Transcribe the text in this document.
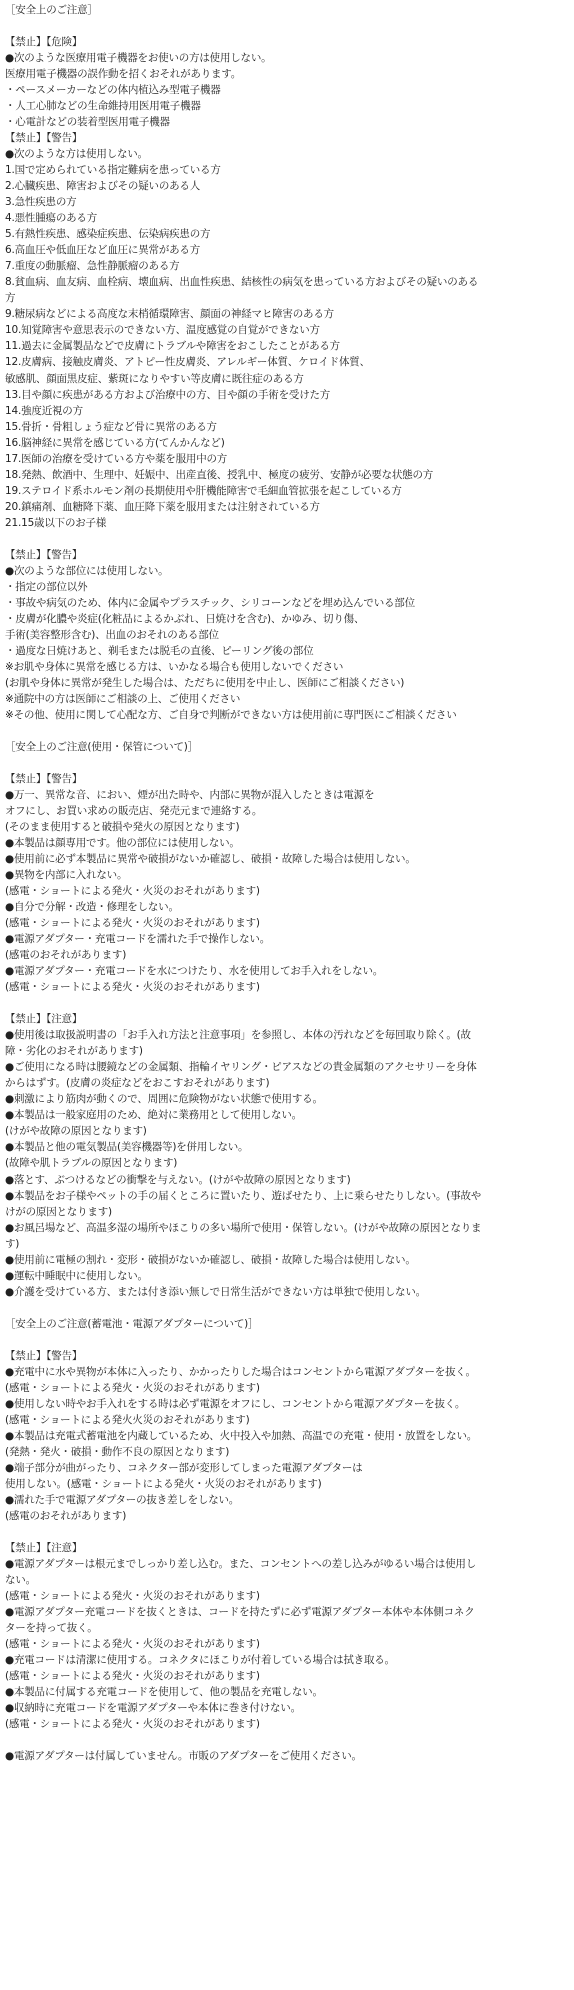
［安全上のご注意］
【禁止】【危険】
●次のような医療用電子機器をお使いの方は使用しない。
医療用電子機器の誤作動を招くおそれがあります。
・ペースメーカーなどの体内植込み型電子機器
・人工心肺などの生命維持用医用電子機器
・心電計などの装着型医用電子機器
【禁止】【警告】
●次のような方は使用しない。
1.国で定められている指定難病を患っている方
2.心臓疾患、障害およびその疑いのある人
3.急性疾患の方
4.悪性腫瘍のある方
5.有熱性疾患、感染症疾患、伝染病疾患の方
6.高血圧や低血圧など血圧に異常がある方
7.重度の動脈瘤、急性静脈瘤のある方
8.貧血病、血友病、血栓病、壊血病、出血性疾患、結核性の病気を患っている方およびその疑いのある
方
9.糖尿病などによる高度な末梢循環障害、顔面の神経マヒ障害のある方
10.知覚障害や意思表示のできない方、温度感覚の自覚ができない方
11.過去に金属製品などで皮膚にトラブルや障害をおこしたことがある方
12.皮膚病、接触皮膚炎、アトピー性皮膚炎、アレルギー体質、ケロイド体質、
敏感肌、顔面黒皮症、紫斑になりやすい等皮膚に既往症のある方
13.目や顔に疾患がある方および治療中の方、目や顔の手術を受けた方
14.強度近視の方
15.骨折・骨粗しょう症など骨に異常のある方
16.脳神経に異常を感じている方(てんかんなど)
17.医師の治療を受けている方や薬を服用中の方
18.発熱、飲酒中、生理中、妊娠中、出産直後、授乳中、極度の疲労、安静が必要な状態の方
19.ステロイド系ホルモン剤の長期使用や肝機能障害で毛細血管拡張を起こしている方
20.鎮痛剤、血糖降下薬、血圧降下薬を服用または注射されている方
21.15歳以下のお子様
【禁止】【警告】
●次のような部位には使用しない。
・指定の部位以外
・事故や病気のため、体内に金属やプラスチック、シリコーンなどを埋め込んでいる部位
・皮膚が化膿や炎症(化粧品によるかぶれ、日焼けを含む)、かゆみ、切り傷、
手術(美容整形含む)、出血のおそれのある部位
・過度な日焼けあと、剃毛または脱毛の直後、ピーリング後の部位
※お肌や身体に異常を感じる方は、いかなる場合も使用しないでください
(お肌や身体に異常が発生した場合は、ただちに使用を中止し、医師にご相談ください)
※通院中の方は医師にご相談の上、ご使用ください
※その他、使用に関して心配な方、ご自身で判断ができない方は使用前に専門医にご相談ください
［安全上のご注意(使用・保管について)］
【禁止】【警告】
●万一、異常な音、におい、煙が出た時や、内部に異物が混入したときは電源を
オフにし、お買い求めの販売店、発売元まで連絡する。
(そのまま使用すると破損や発火の原因となります)
●本製品は顔専用です。他の部位には使用しない。
●使用前に必ず本製品に異常や破損がないか確認し、破損・故障した場合は使用しない。
●異物を内部に入れない。
(感電・ショートによる発火・火災のおそれがあります)
●自分で分解・改造・修理をしない。
(感電・ショートによる発火・火災のおそれがあります)
●電源アダプター・充電コードを濡れた手で操作しない。
(感電のおそれがあります)
●電源アダプター・充電コードを水につけたり、水を使用してお手入れをしない。
(感電・ショートによる発火・火災のおそれがあります)
【禁止】【注意】
●使用後は取扱説明書の「お手入れ方法と注意事項」を参照し、本体の汚れなどを毎回取り除く。(故
障・劣化のおそれがあります)
●ご使用になる時は腰鏡などの金属類、指輪イヤリング・ピアスなどの貴金属類のアクセサリーを身体
からはずす。(皮膚の炎症などをおこすおそれがあります)
●刺激により筋肉が動くので、周囲に危険物がない状態で使用する。
●本製品は一般家庭用のため、絶対に業務用として使用しない。
(けがや故障の原因となります)
●本製品と他の電気製品(美容機器等)を併用しない。
(故障や肌トラブルの原因となります)
●落とす、ぶつけるなどの衝撃を与えない。(けがや故障の原因となります)
●本製品をお子様やペットの手の届くところに置いたり、遊ばせたり、上に乗らせたりしない。(事故や
けがの原因となります)
●お風呂場など、高温多湿の場所やほこりの多い場所で使用・保管しない。(けがや故障の原因となりま
す)
●使用前に電極の割れ・変形・破損がないか確認し、破損・故障した場合は使用しない。
●運転中睡眠中に使用しない。
●介護を受けている方、または付き添い無しで日常生活ができない方は単独で使用しない。
［安全上のご注意(蓄電池・電源アダプターについて)］
【禁止】【警告】
●充電中に水や異物が本体に入ったり、かかったりした場合はコンセントから電源アダプターを抜く。
(感電・ショートによる発火・火災のおそれがあります)
●使用しない時やお手入れをする時は必ず電源をオフにし、コンセントから電源アダプターを抜く。
(感電・ショートによる発火火災のおそれがあります)
●本製品は充電式蓄電池を内蔵しているため、火中投入や加熱、高温での充電・使用・放置をしない。
(発熱・発火・破損・動作不良の原因となります)
●端子部分が曲がったり、コネクター部が変形してしまった電源アダプターは
使用しない。(感電・ショートによる発火・火災のおそれがあります)
●濡れた手で電源アダプターの抜き差しをしない。
(感電のおそれがあります)
【禁止】【注意】
●電源アダプターは根元までしっかり差し込む。また、コンセントへの差し込みがゆるい場合は使用し
ない。
(感電・ショートによる発火・火災のおそれがあります)
●電源アダプター充電コードを抜くときは、コードを持たずに必ず電源アダプター本体や本体側コネク
ターを持って抜く。
(感電・ショートによる発火・火災のおそれがあります)
●充電コードは清潔に使用する。コネクタにほこりが付着している場合は拭き取る。
(感電・ショートによる発火・火災のおそれがあります)
●本製品に付属する充電コードを使用して、他の製品を充電しない。
●収納時に充電コードを電源アダプターや本体に巻き付けない。
(感電・ショートによる発火・火災のおそれがあります)
●電源アダプターは付属していません。市販のアダプターをご使用ください。
